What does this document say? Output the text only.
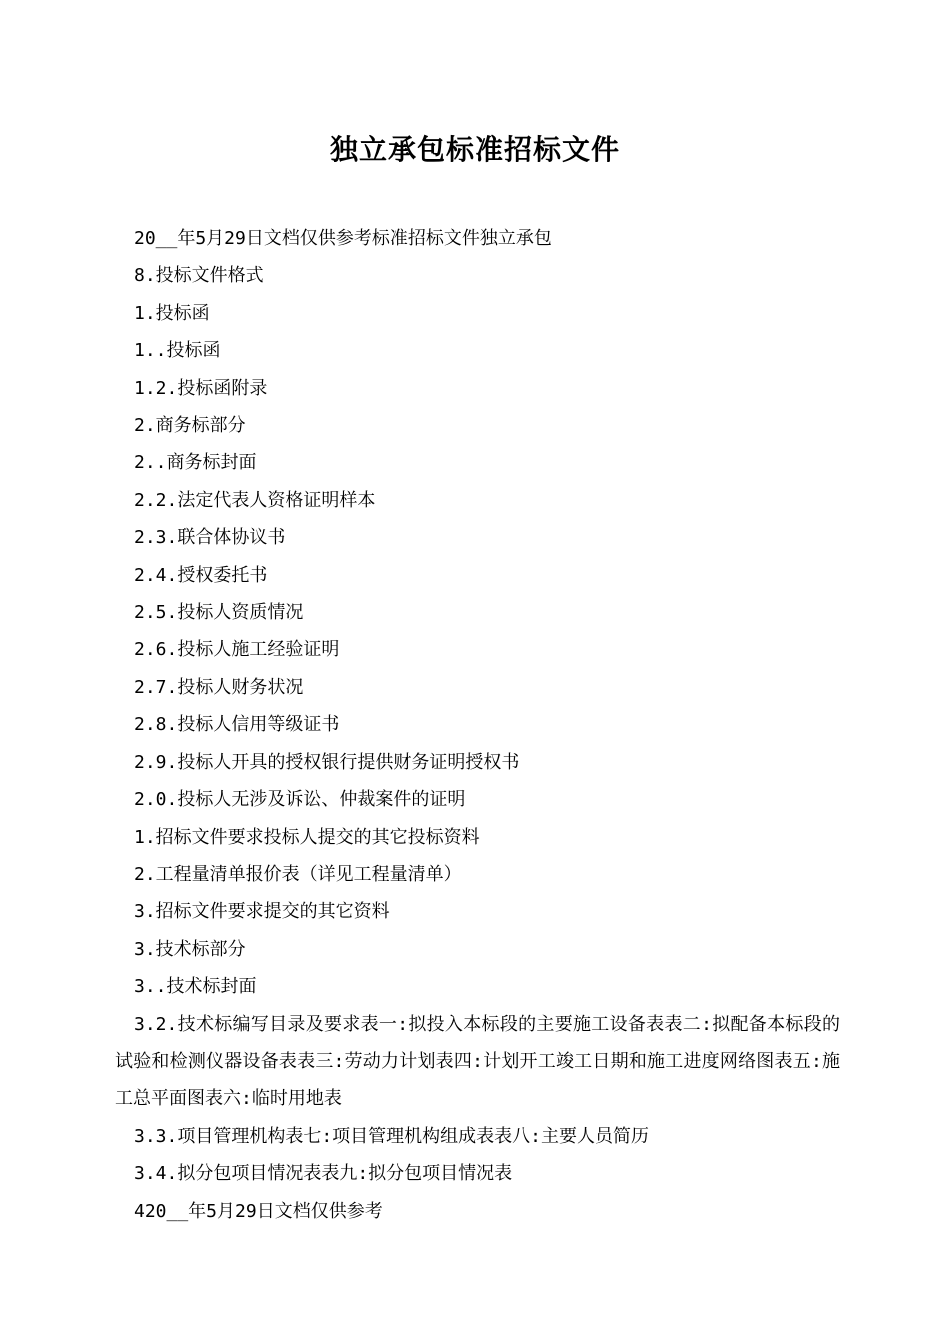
独立承包标准招标文件

20__年5月29日文档仅供参考标准招标文件独立承包

8.投标文件格式

1.投标函

1..投标函

1.2.投标函附录

2.商务标部分

2..商务标封面

2.2.法定代表人资格证明样本

2.3.联合体协议书

2.4.授权委托书

2.5.投标人资质情况

2.6.投标人施工经验证明

2.7.投标人财务状况

2.8.投标人信用等级证书

2.9.投标人开具的授权银行提供财务证明授权书

2.0.投标人无涉及诉讼、仲裁案件的证明

1.招标文件要求投标人提交的其它投标资料

2.工程量清单报价表（详见工程量清单）

3.招标文件要求提交的其它资料

3.技术标部分

3..技术标封面

3.2.技术标编写目录及要求表一:拟投入本标段的主要施工设备表表二:拟配备本标段的试验和检测仪器设备表表三:劳动力计划表四:计划开工竣工日期和施工进度网络图表五:施工总平面图表六:临时用地表

3.3.项目管理机构表七:项目管理机构组成表表八:主要人员简历

3.4.拟分包项目情况表表九:拟分包项目情况表

420__年5月29日文档仅供参考
